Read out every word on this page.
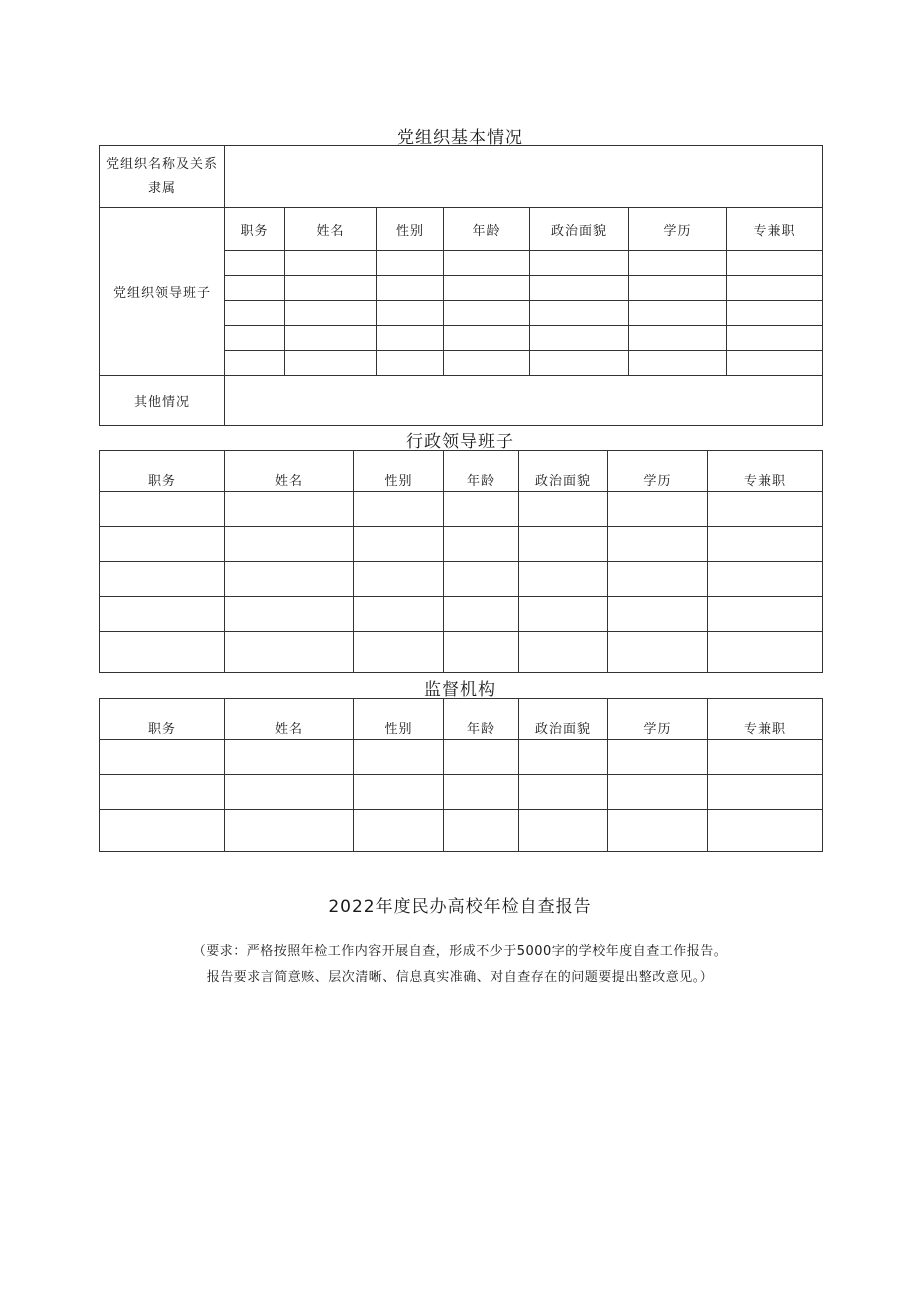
党组织基本情况
党组织名称及关系隶属							
党组织领导班子	职务	姓名	性别	年龄	政治面貌	学历	专兼职

其他情况							
行政领导班子
职务	姓名	性别	年龄	政治面貌	学历	专兼职

监督机构
职务	姓名	性别	年龄	政治面貌	学历	专兼职

2022年度民办高校年检自查报告
（要求：严格按照年检工作内容开展自查，形成不少于5000字的学校年度自查工作报告。
报告要求言简意赅、层次清晰、信息真实准确、对自查存在的问题要提出整改意见。）
